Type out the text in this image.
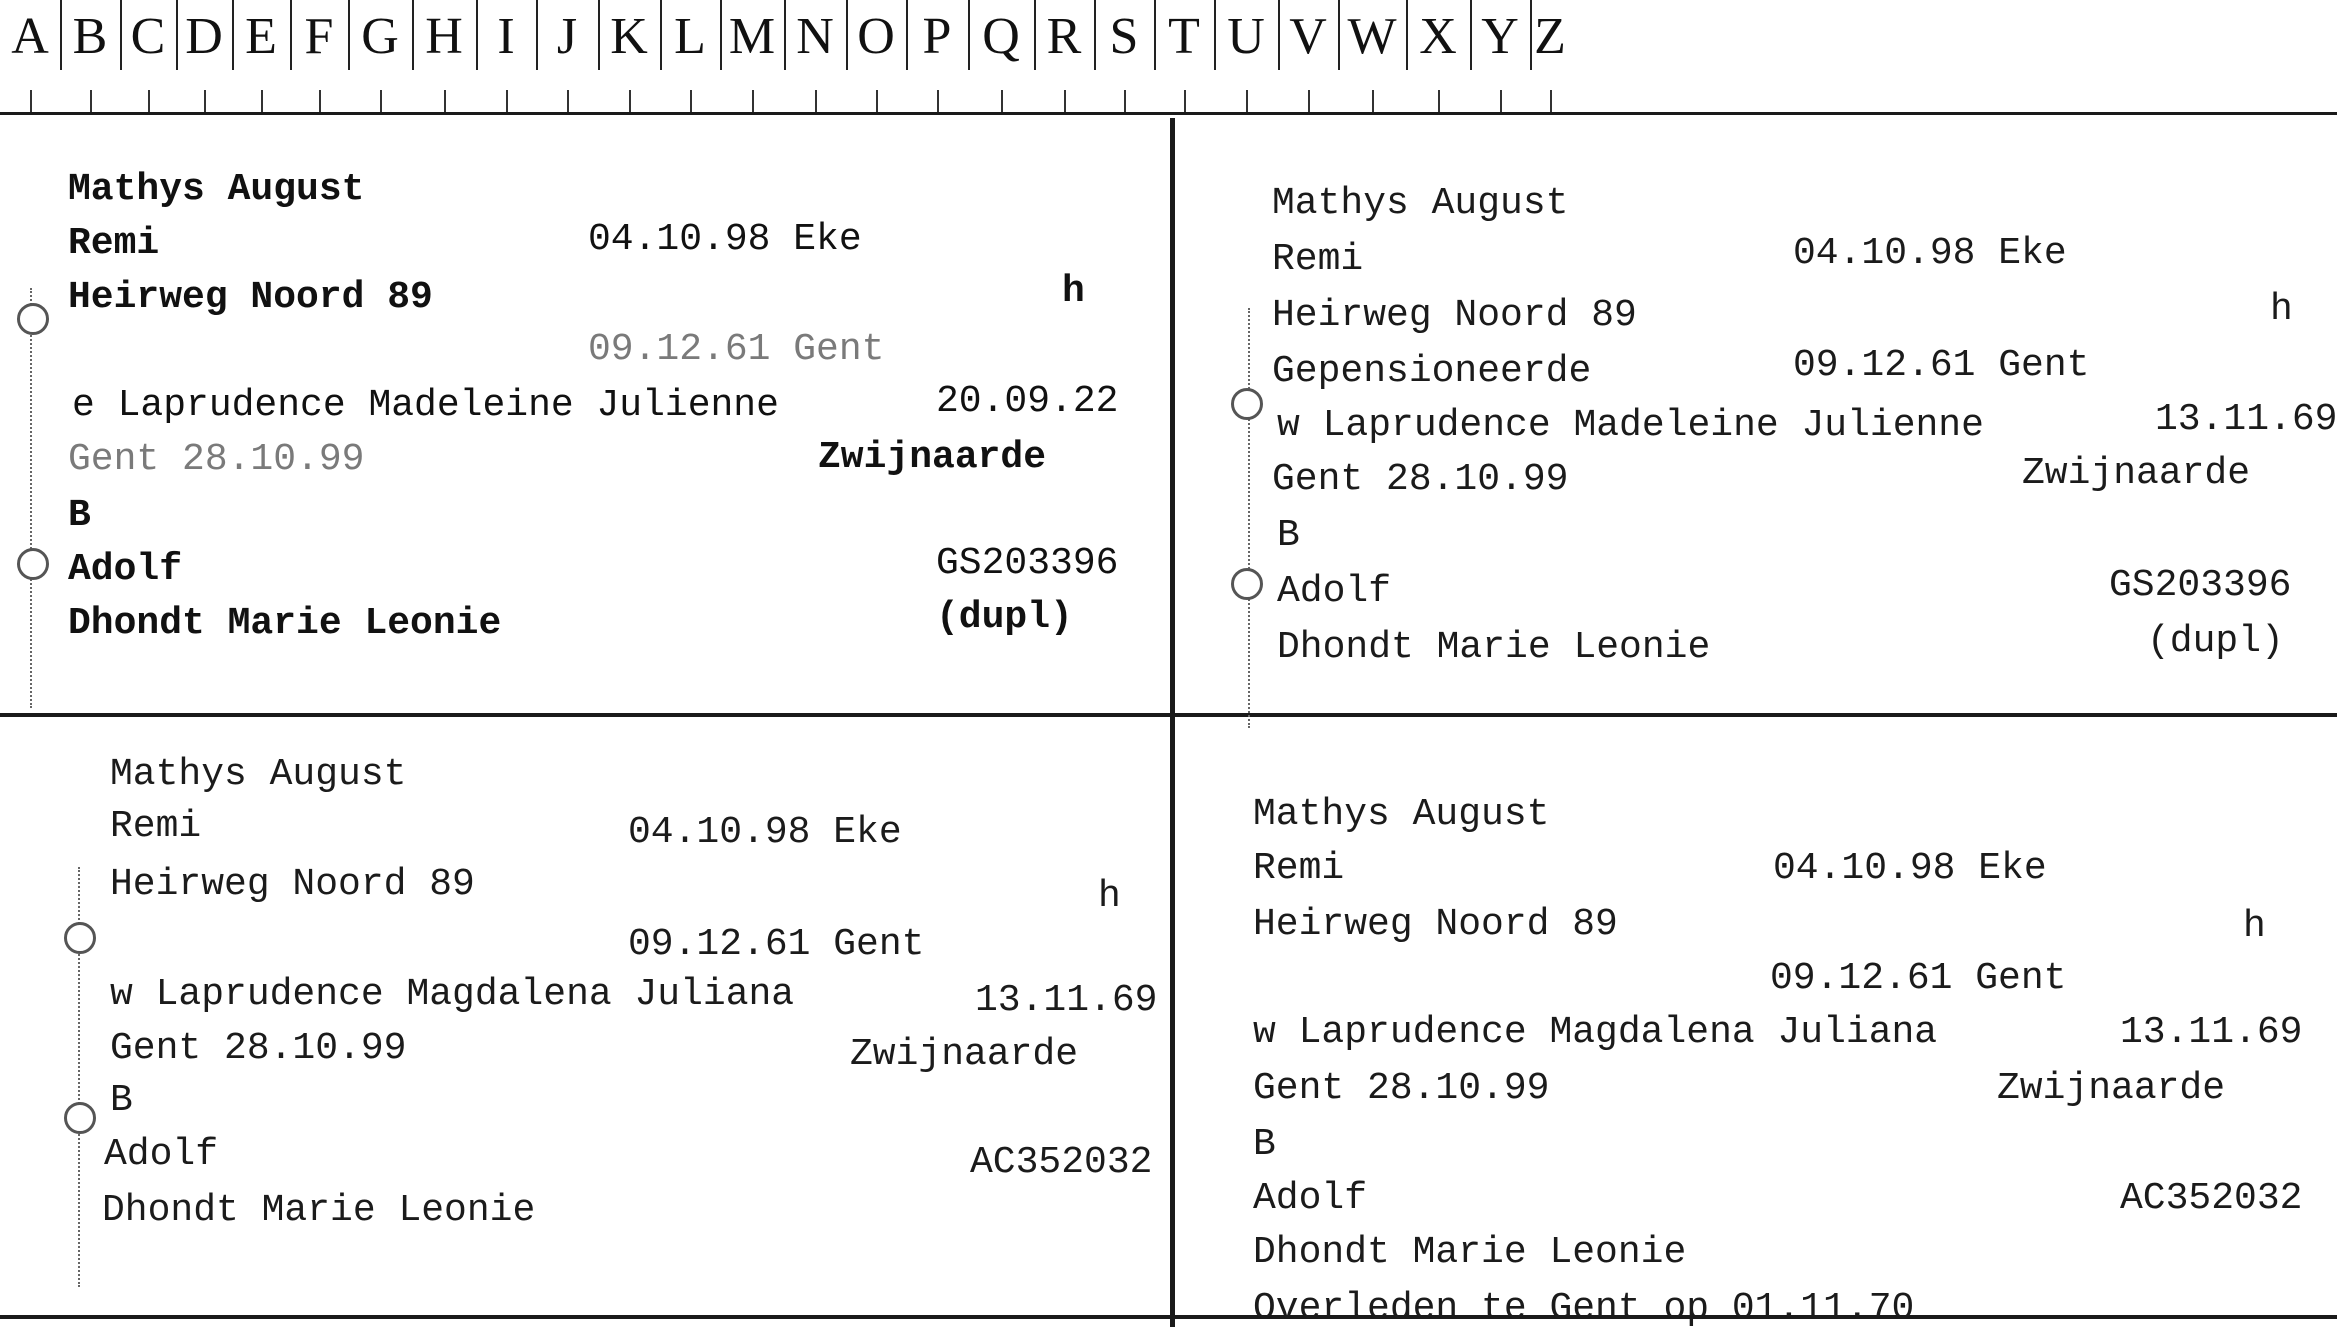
A B C D E F G H I J K L M N O P Q R S T U V W X Y Z
Mathys August
Remi	04.10.98 Eke
Heirweg Noord 89	h
09.12.61 Gent
e Laprudence Madeleine Julienne	20.09.22
Gent 28.10.99	Zwijnaarde
B
Adolf	GS203396
Dhondt Marie Leonie	(dupl)
Mathys August
Remi	04.10.98 Eke
Heirweg Noord 89	h
Gepensioneerde	09.12.61 Gent
w Laprudence Madeleine Julienne	13.11.69
Gent 28.10.99	Zwijnaarde
B
Adolf	GS203396
Dhondt Marie Leonie	(dupl)
Mathys August
Remi	04.10.98 Eke
Heirweg Noord 89	h
09.12.61 Gent
w Laprudence Magdalena Juliana	13.11.69
Gent 28.10.99	Zwijnaarde
B
Adolf	AC352032
Dhondt Marie Leonie
Mathys August
Remi	04.10.98 Eke
Heirweg Noord 89	h
09.12.61 Gent
w Laprudence Magdalena Juliana	13.11.69
Gent 28.10.99	Zwijnaarde
B
Adolf	AC352032
Dhondt Marie Leonie
Overleden te Gent op 01.11.70
